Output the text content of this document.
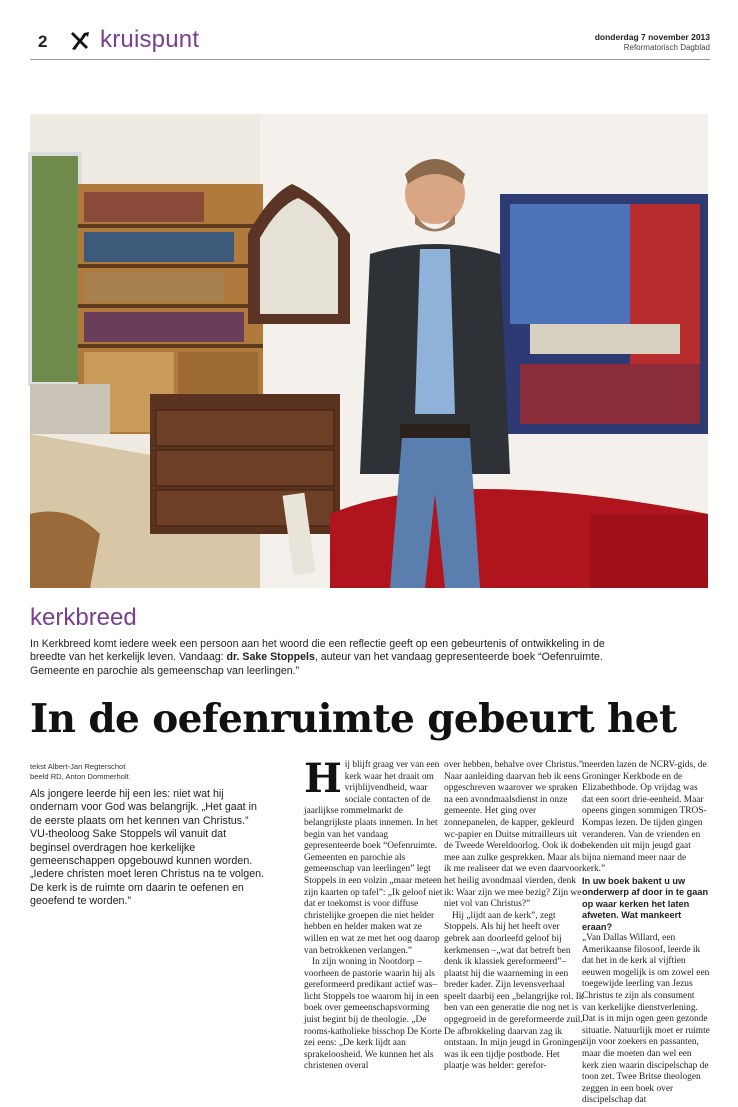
2 kruispunt	donderdag 7 november 2013
Reformatorisch Dagblad
kerkbreed
In Kerkbreed komt iedere week een persoon aan het woord die een reflectie geeft op een gebeurtenis of ontwikkeling in de breedte van het kerkelijk leven. Vandaag: dr. Sake Stoppels, auteur van het vandaag gepresenteerde boek “Oefenruimte. Gemeente en parochie als gemeenschap van leerlingen.”
In de oefenruimte gebeurt het
tekst Albert-Jan Regterschot
beeld RD, Anton Dommerholt

Als jongere leerde hij een les: niet wat hij ondernam voor God was belangrijk. „Het gaat in de eerste plaats om het kennen van Christus.” VU-theoloog Sake Stoppels wil vanuit dat beginsel overdragen hoe kerkelijke gemeenschappen opgebouwd kunnen worden. „Iedere christen moet leren Christus na te volgen. De kerk is de ruimte om daarin te oefenen en geoefend te worden.”

Hij blijft graag ver van een kerk waar het draait om vrijblijvendheid, waar sociale contacten of de jaarlijkse rommelmarkt de belangrijkste plaats innemen. In het begin van het vandaag gepresenteerde boek “Oefenruimte. Gemeenten en parochie als gemeenschap van leerlingen” legt Stoppels in een volzin „maar meteen zijn kaarten op tafel”: „Ik geloof niet dat er toekomst is voor diffuse christelijke groepen die niet helder hebben en helder maken wat ze willen en wat ze met het oog daarop van betrokkenen verlangen.”

In zijn woning in Nootdorp –voorheen de pastorie waarin hij als gereformeerd predikant actief was– licht Stoppels toe waarom hij in een boek over gemeenschapsvorming juist begint bij de theologie. „De rooms-katholieke bisschop De Korte zei eens: „De kerk lijdt aan sprakeloosheid. We kunnen het als christenen overal

over hebben, behalve over Christus.” Naar aanleiding daarvan heb ik eens opgeschreven waarover we spraken na een avondmaalsdienst in onze gemeente. Het ging over zonnepanelen, de kapper, gekleurd wc-papier en Duitse mitrailleurs uit de Tweede Wereldoorlog. Ook ik doe mee aan zulke gesprekken. Maar als ik me realiseer dat we even daarvoor het heilig avondmaal vierden, denk ik: Waar zijn we mee bezig? Zijn we niet vol van Christus?”

Hij „lijdt aan de kerk”, zegt Stoppels. Als hij het heeft over gebrek aan doorleefd geloof bij kerkmensen –„wat dat betreft ben denk ik klassiek gereformeerd”– plaatst hij die waarneming in een breder kader. Zijn levensverhaal speelt daarbij een „belangrijke rol. Ik ben van een generatie die nog net is opgegroeid in de gereformeerde zuil. De afbrokkeling daarvan zag ik ontstaan. In mijn jeugd in Groningen was ik een tijdje postbode. Het plaatje was helder: gerefor-

meerden lazen de NCRV-gids, de Groninger Kerkbode en de Elizabethbode. Op vrijdag was dat een soort drie-eenheid. Maar opeens gingen sommigen TROS-Kompas lezen. De tijden gingen veranderen. Van de vrienden en bekenden uit mijn jeugd gaat bijna niemand meer naar de kerk.”

In uw boek bakent u uw onderwerp af door in te gaan op waar kerken het laten afweten. Wat mankeert eraan?

„Van Dallas Willard, een Amerikaanse filosoof, leerde ik dat het in de kerk al vijftien eeuwen mogelijk is om zowel een toegewijde leerling van Jezus Christus te zijn als consument van kerkelijke dienstverlening. Dat is in mijn ogen geen gezonde situatie. Natuurlijk moet er ruimte zijn voor zoekers en passanten, maar die moeten dan wel een kerk zien waarin discipelschap de toon zet. Twee Britse theologen zeggen in een boek over discipelschap dat
